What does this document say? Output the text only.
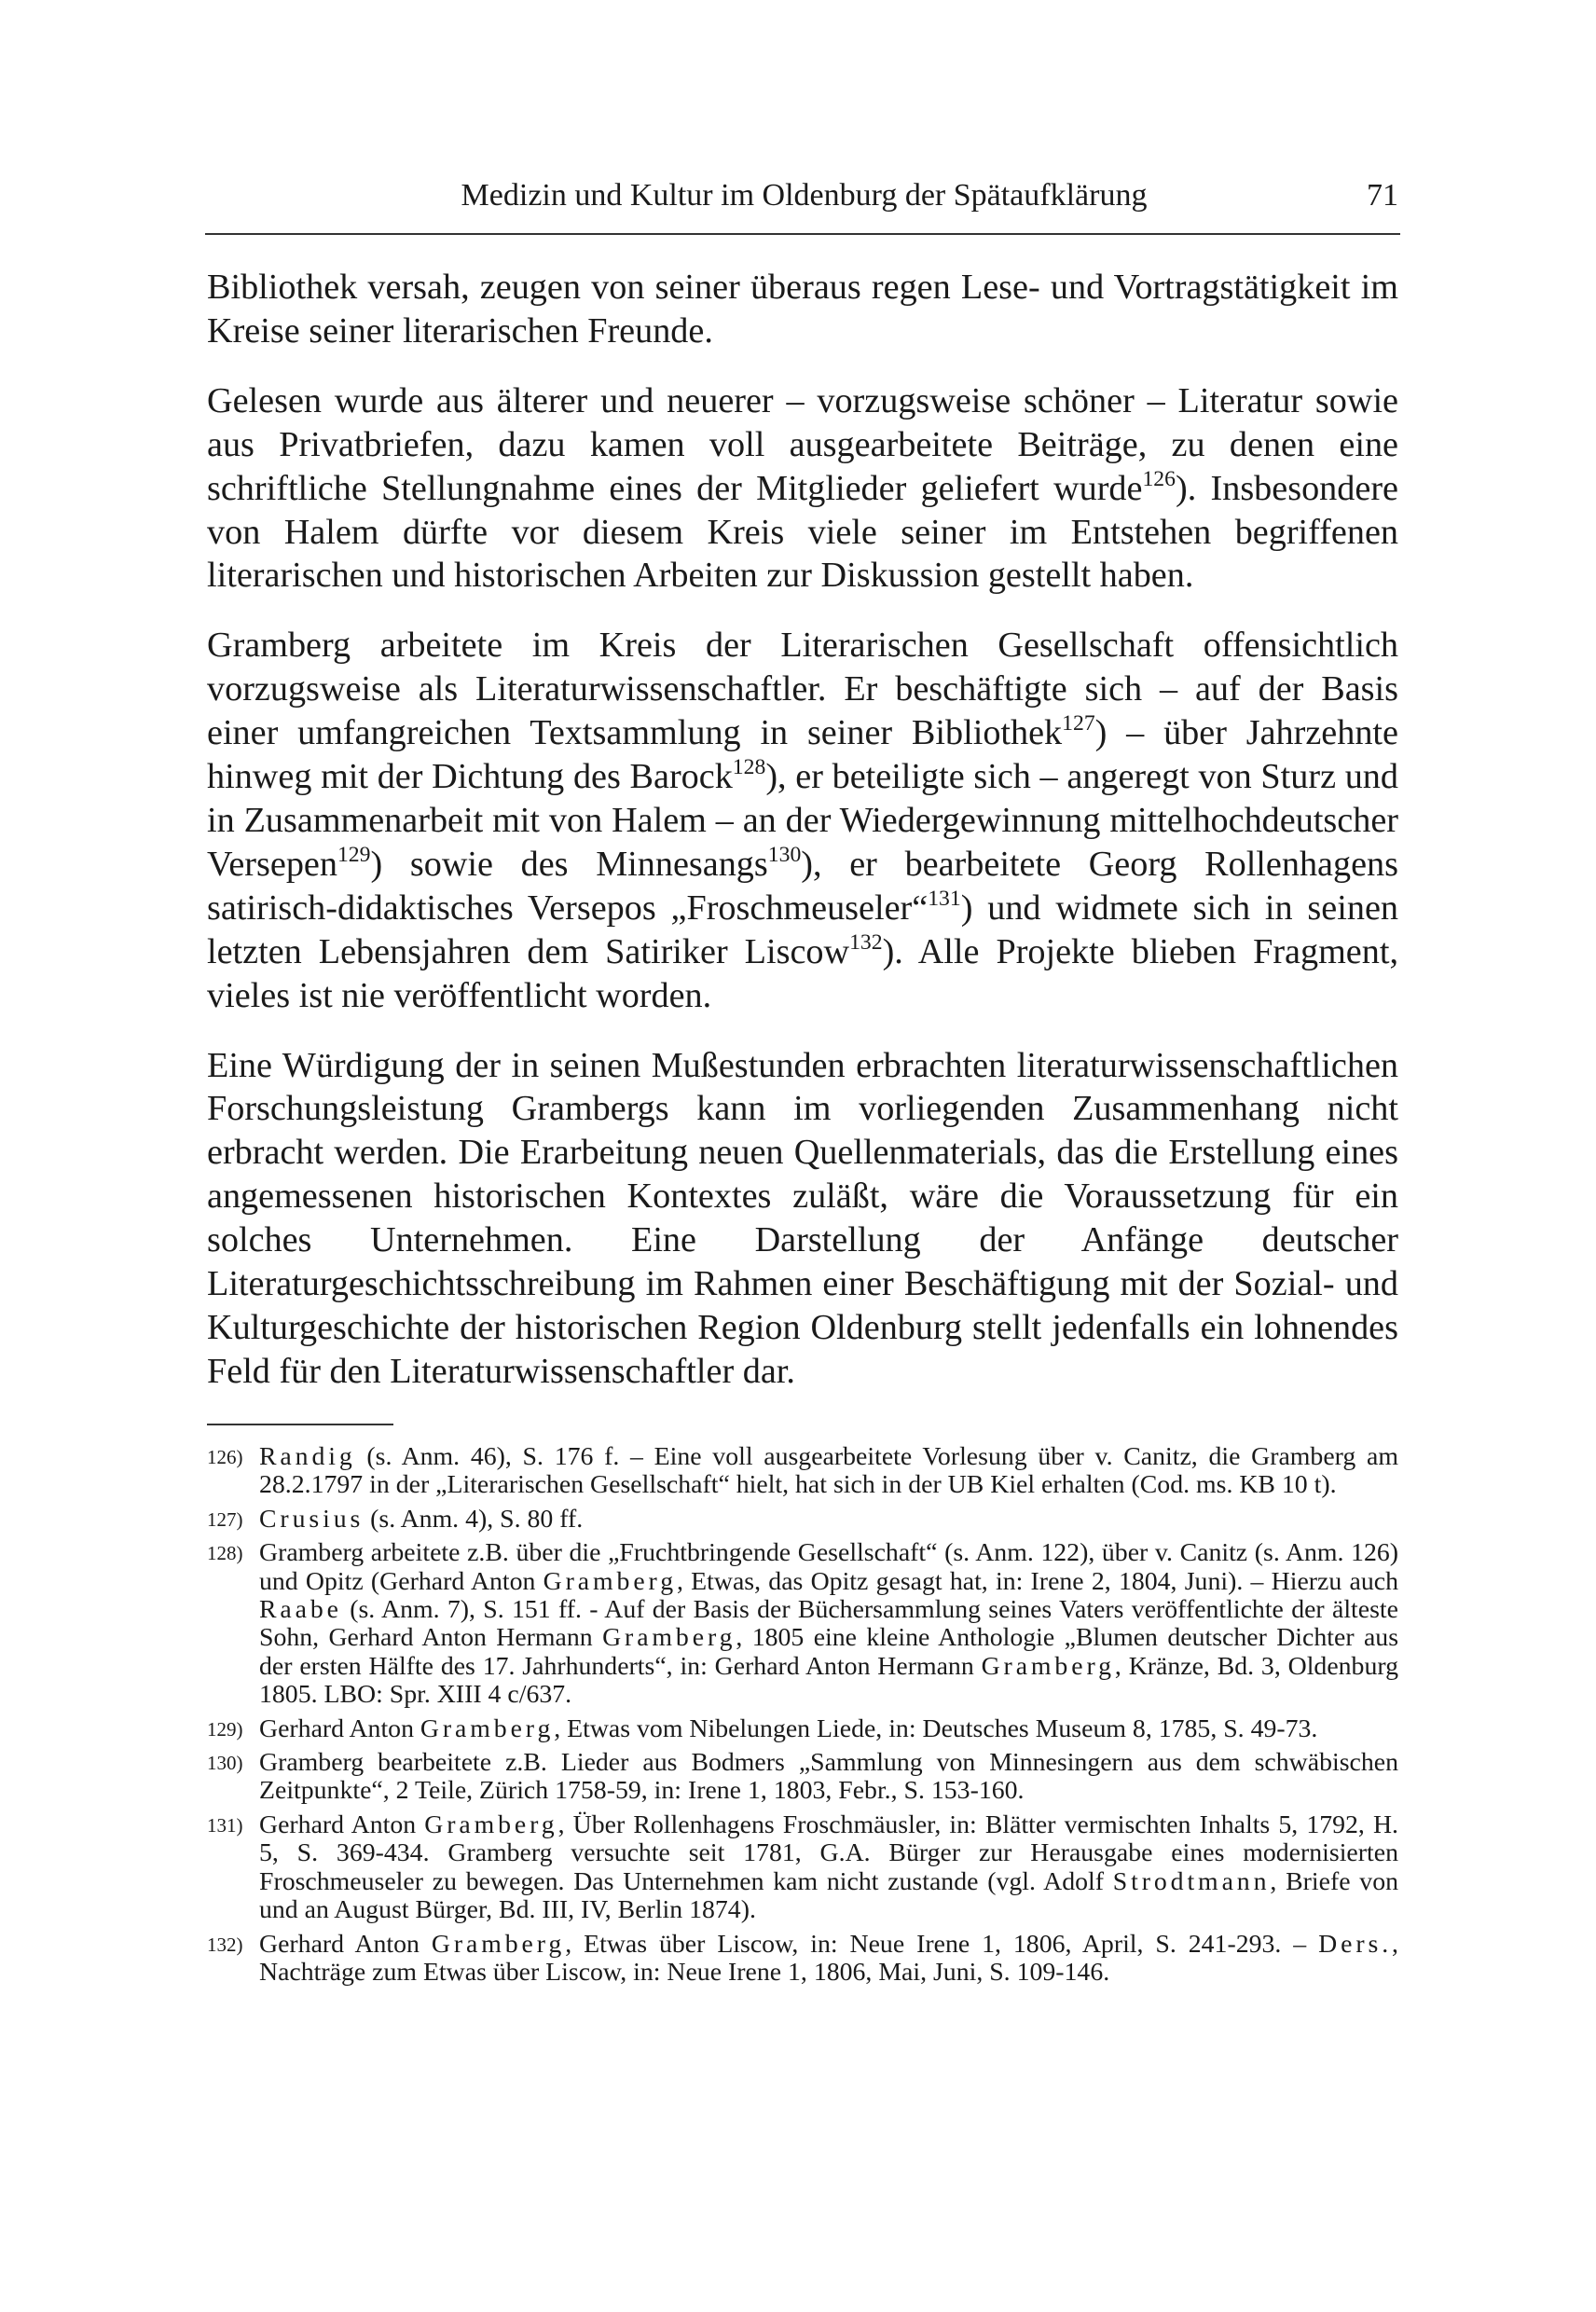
Medizin und Kultur im Oldenburg der Spätaufklärung	71

Bibliothek versah, zeugen von seiner überaus regen Lese- und Vortragstätigkeit im Kreise seiner literarischen Freunde.

Gelesen wurde aus älterer und neuerer – vorzugsweise schöner – Literatur sowie aus Privatbriefen, dazu kamen voll ausgearbeitete Beiträge, zu denen eine schriftliche Stellungnahme eines der Mitglieder geliefert wurde$^{126}$). Insbesondere von Halem dürfte vor diesem Kreis viele seiner im Entstehen begriffenen literarischen und historischen Arbeiten zur Diskussion gestellt haben.

Gramberg arbeitete im Kreis der Literarischen Gesellschaft offensichtlich vorzugsweise als Literaturwissenschaftler. Er beschäftigte sich – auf der Basis einer umfangreichen Textsammlung in seiner Bibliothek$^{127}$) – über Jahrzehnte hinweg mit der Dichtung des Barock$^{128}$), er beteiligte sich – angeregt von Sturz und in Zusammenarbeit mit von Halem – an der Wiedergewinnung mittelhochdeutscher Versepen$^{129}$) sowie des Minnesangs$^{130}$), er bearbeitete Georg Rollenhagens satirisch-didaktisches Versepos „Froschmeuseler“$^{131}$) und widmete sich in seinen letzten Lebensjahren dem Satiriker Liscow$^{132}$). Alle Projekte blieben Fragment, vieles ist nie veröffentlicht worden.

Eine Würdigung der in seinen Mußestunden erbrachten literaturwissenschaftlichen Forschungsleistung Grambergs kann im vorliegenden Zusammenhang nicht erbracht werden. Die Erarbeitung neuen Quellenmaterials, das die Erstellung eines angemessenen historischen Kontextes zuläßt, wäre die Voraussetzung für ein solches Unternehmen. Eine Darstellung der Anfänge deutscher Literaturgeschichtsschreibung im Rahmen einer Beschäftigung mit der Sozial- und Kulturgeschichte der historischen Region Oldenburg stellt jedenfalls ein lohnendes Feld für den Literaturwissenschaftler dar.

126) Randig (s. Anm. 46), S. 176 f. – Eine voll ausgearbeitete Vorlesung über v. Canitz, die Gramberg am 28.2.1797 in der „Literarischen Gesellschaft“ hielt, hat sich in der UB Kiel erhalten (Cod. ms. KB 10 t).
127) Crusius (s. Anm. 4), S. 80 ff.
128) Gramberg arbeitete z.B. über die „Fruchtbringende Gesellschaft“ (s. Anm. 122), über v. Canitz (s. Anm. 126) und Opitz (Gerhard Anton Gramberg, Etwas, das Opitz gesagt hat, in: Irene 2, 1804, Juni). – Hierzu auch Raabe (s. Anm. 7), S. 151 ff. - Auf der Basis der Büchersammlung seines Vaters veröffentlichte der älteste Sohn, Gerhard Anton Hermann Gramberg, 1805 eine kleine Anthologie „Blumen deutscher Dichter aus der ersten Hälfte des 17. Jahrhunderts“, in: Gerhard Anton Hermann Gramberg, Kränze, Bd. 3, Oldenburg 1805. LBO: Spr. XIII 4 c/637.
129) Gerhard Anton Gramberg, Etwas vom Nibelungen Liede, in: Deutsches Museum 8, 1785, S. 49-73.
130) Gramberg bearbeitete z.B. Lieder aus Bodmers „Sammlung von Minnesingern aus dem schwäbischen Zeitpunkte“, 2 Teile, Zürich 1758-59, in: Irene 1, 1803, Febr., S. 153-160.
131) Gerhard Anton Gramberg, Über Rollenhagens Froschmäusler, in: Blätter vermischten Inhalts 5, 1792, H. 5, S. 369-434. Gramberg versuchte seit 1781, G.A. Bürger zur Herausgabe eines modernisierten Froschmeuseler zu bewegen. Das Unternehmen kam nicht zustande (vgl. Adolf Strodtmann, Briefe von und an August Bürger, Bd. III, IV, Berlin 1874).
132) Gerhard Anton Gramberg, Etwas über Liscow, in: Neue Irene 1, 1806, April, S. 241-293. – Ders., Nachträge zum Etwas über Liscow, in: Neue Irene 1, 1806, Mai, Juni, S. 109-146.
